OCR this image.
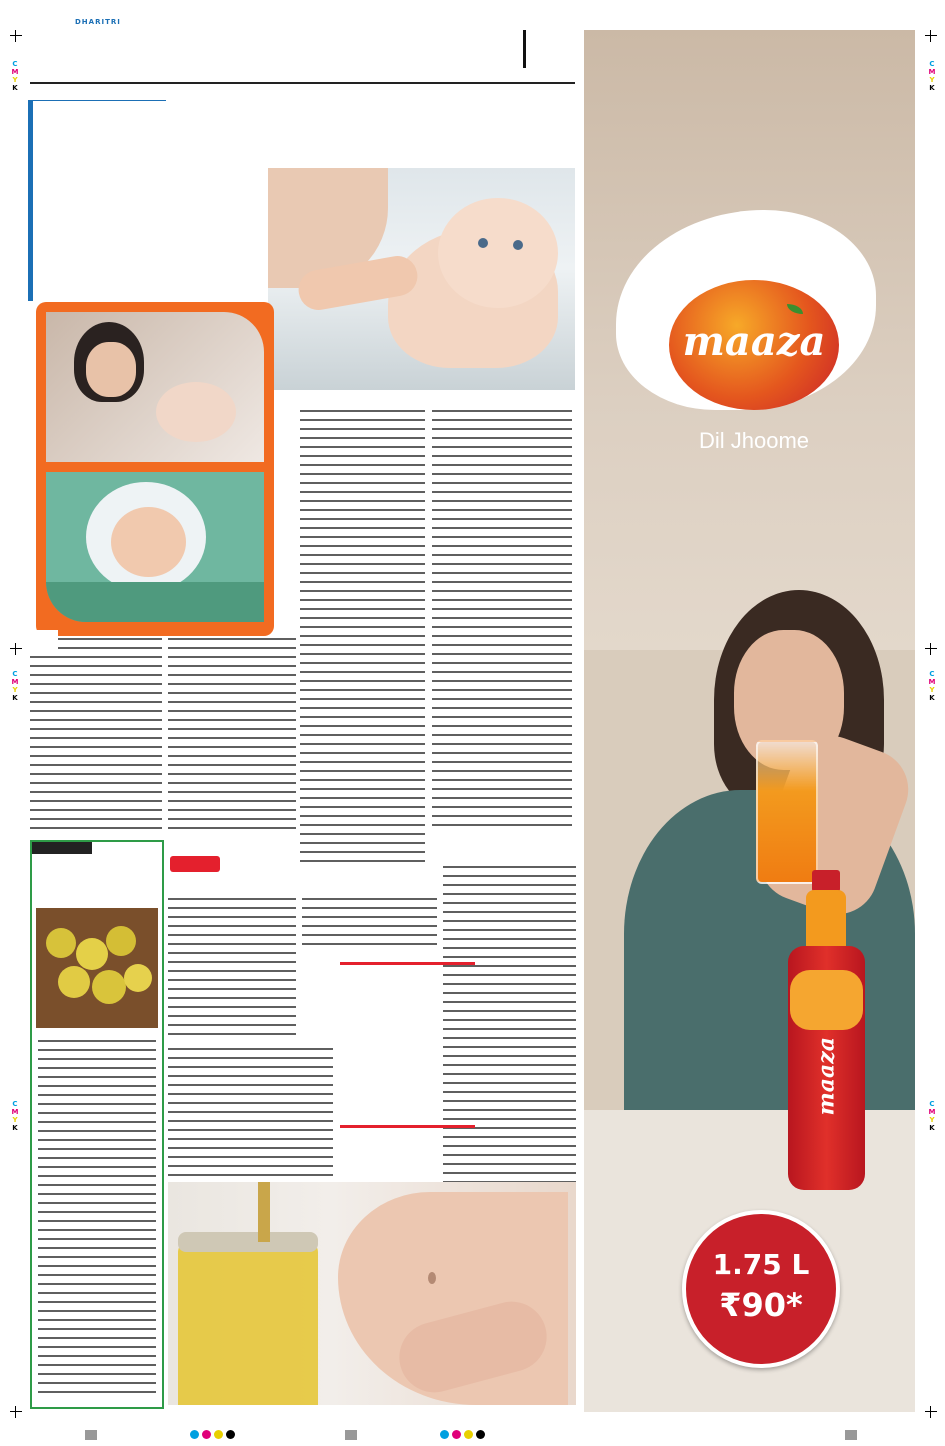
C
M
Y
K
C
M
Y
K
C
M
Y
K
C
M
Y
K
C
M
Y
K
C
M
Y
K
DHARITRI
maaza
Dil Jhoome
maaza
1.75 L
₹90*
